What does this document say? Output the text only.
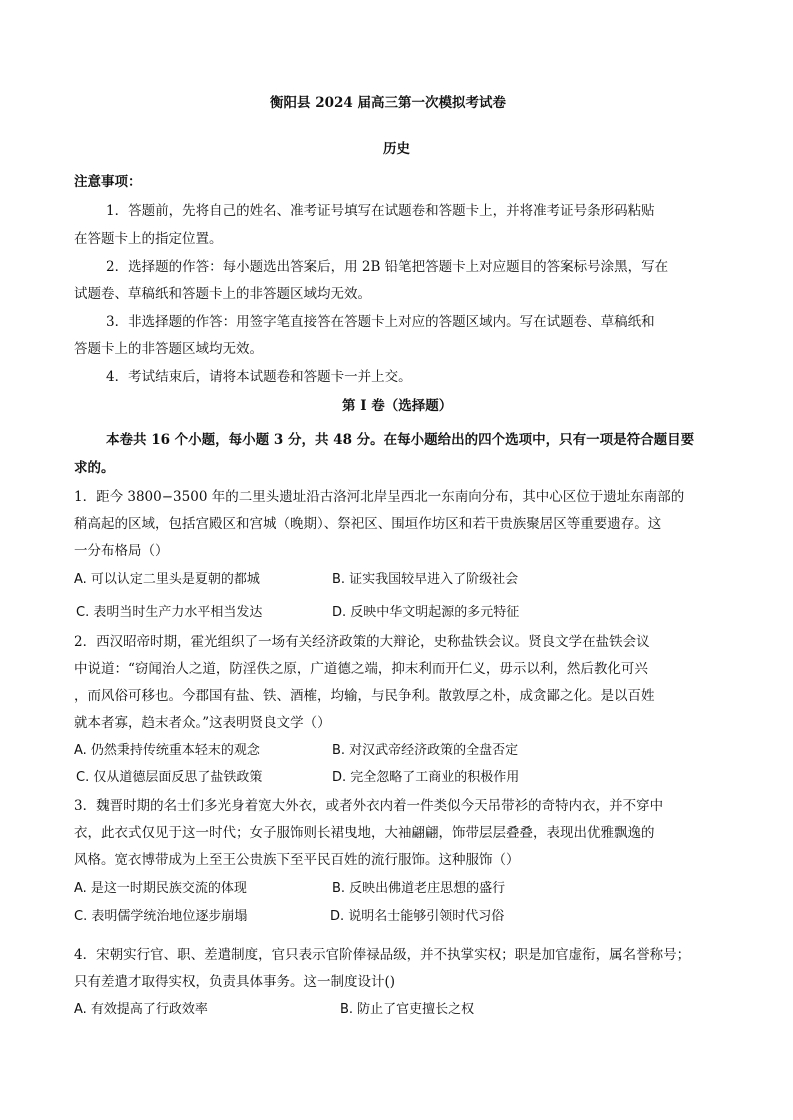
衡阳县 2024 届高三第一次模拟考试卷
历史
注意事项：
1．答题前，先将自己的姓名、准考证号填写在试题卷和答题卡上，并将准考证号条形码粘贴
在答题卡上的指定位置。
2．选择题的作答：每小题选出答案后，用 2B 铅笔把答题卡上对应题目的答案标号涂黑，写在
试题卷、草稿纸和答题卡上的非答题区域均无效。
3．非选择题的作答：用签字笔直接答在答题卡上对应的答题区域内。写在试题卷、草稿纸和
答题卡上的非答题区域均无效。
4．考试结束后，请将本试题卷和答题卡一并上交。
第 I 卷（选择题）
本卷共 16 个小题，每小题 3 分，共 48 分。在每小题给出的四个选项中，只有一项是符合题目要
求的。
1．距今 3800−3500 年的二里头遗址沿古洛河北岸呈西北一东南向分布，其中心区位于遗址东南部的
稍高起的区域，包括宫殿区和宫城（晚期）、祭祀区、围垣作坊区和若干贵族聚居区等重要遗存。这
一分布格局（）
A. 可以认定二里头是夏朝的都城	B. 证实我国较早进入了阶级社会
C. 表明当时生产力水平相当发达	D. 反映中华文明起源的多元特征
2．西汉昭帝时期，霍光组织了一场有关经济政策的大辩论，史称盐铁会议。贤良文学在盐铁会议
中说道：“窃闻治人之道，防淫佚之原，广道德之端，抑末利而开仁义，毋示以利，然后教化可兴
，而风俗可移也。今郡国有盐、铁、酒榷，均输，与民争利。散敦厚之朴，成贪鄙之化。是以百姓
就本者寡，趋末者众。”这表明贤良文学（）
A. 仍然秉持传统重本轻末的观念	B. 对汉武帝经济政策的全盘否定
C. 仅从道德层面反思了盐铁政策	D. 完全忽略了工商业的积极作用
3．魏晋时期的名士们多光身着宽大外衣，或者外衣内着一件类似今天吊带衫的奇特内衣，并不穿中
衣，此衣式仅见于这一时代；女子服饰则长裙曳地，大袖翩翩，饰带层层叠叠，表现出优雅飘逸的
风格。宽衣博带成为上至王公贵族下至平民百姓的流行服饰。这种服饰（）
A. 是这一时期民族交流的体现	B. 反映出佛道老庄思想的盛行
C. 表明儒学统治地位逐步崩塌	D. 说明名士能够引领时代习俗
4．宋朝实行官、职、差遣制度，官只表示官阶俸禄品级，并不执掌实权；职是加官虚衔，属名誉称号；
只有差遣才取得实权，负责具体事务。这一制度设计()
A. 有效提高了行政效率	B. 防止了官吏擅长之权
